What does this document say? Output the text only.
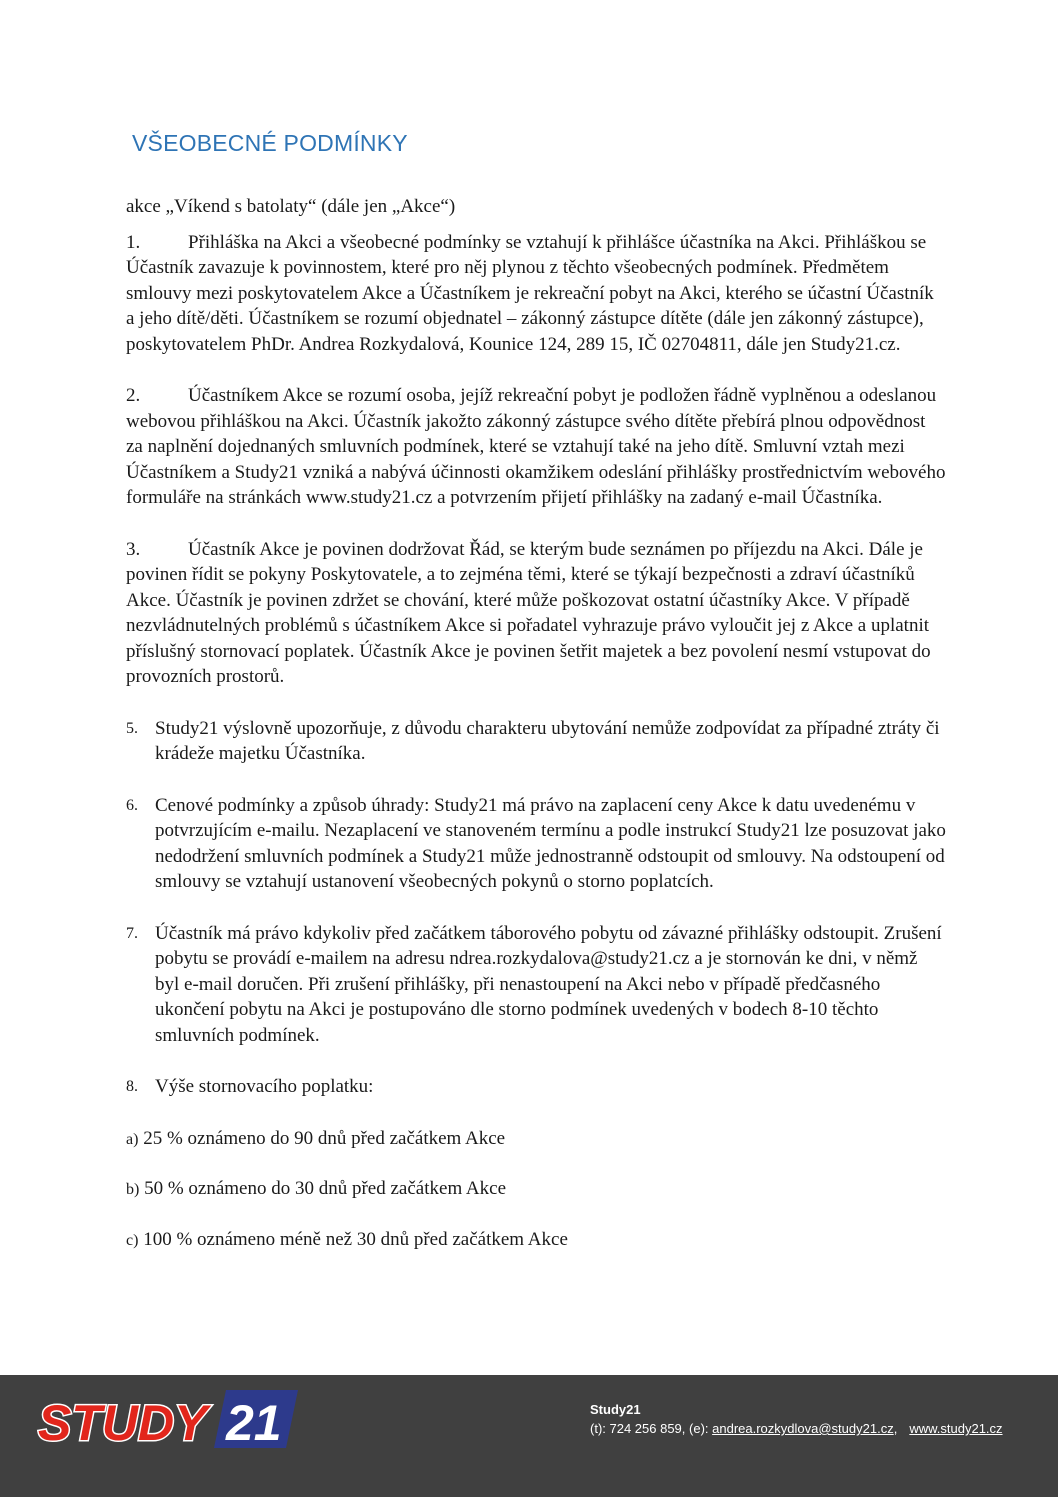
VŠEOBECNÉ PODMÍNKY

akce „Víkend s batolaty“ (dále jen „Akce“)

1.	Přihláška na Akci a všeobecné podmínky se vztahují k přihlášce účastníka na Akci. Přihláškou se Účastník zavazuje k povinnostem, které pro něj plynou z těchto všeobecných podmínek. Předmětem smlouvy mezi poskytovatelem Akce a Účastníkem je rekreační pobyt na Akci, kterého se účastní Účastník a jeho dítě/děti. Účastníkem se rozumí objednatel – zákonný zástupce dítěte (dále jen zákonný zástupce), poskytovatelem PhDr. Andrea Rozkydalová, Kounice 124, 289 15, IČ 02704811, dále jen Study21.cz.

2.	Účastníkem Akce se rozumí osoba, jejíž rekreační pobyt je podložen řádně vyplněnou a odeslanou webovou přihláškou na Akci. Účastník jakožto zákonný zástupce svého dítěte přebírá plnou odpovědnost za naplnění dojednaných smluvních podmínek, které se vztahují také na jeho dítě. Smluvní vztah mezi Účastníkem a Study21 vzniká a nabývá účinnosti okamžikem odeslání přihlášky prostřednictvím webového formuláře na stránkách www.study21.cz a potvrzením přijetí přihlášky na zadaný e-mail Účastníka.

3.	Účastník Akce je povinen dodržovat Řád, se kterým bude seznámen po příjezdu na Akci. Dále je povinen řídit se pokyny Poskytovatele, a to zejména těmi, které se týkají bezpečnosti a zdraví účastníků Akce. Účastník je povinen zdržet se chování, které může poškozovat ostatní účastníky Akce. V případě nezvládnutelných problémů s účastníkem Akce si pořadatel vyhrazuje právo vyloučit jej z Akce a uplatnit příslušný stornovací poplatek. Účastník Akce je povinen šetřit majetek a bez povolení nesmí vstupovat do provozních prostorů.

5. Study21 výslovně upozorňuje, z důvodu charakteru ubytování nemůže zodpovídat za případné ztráty či krádeže majetku Účastníka.
6. Cenové podmínky a způsob úhrady: Study21 má právo na zaplacení ceny Akce k datu uvedenému v potvrzujícím e-mailu. Nezaplacení ve stanoveném termínu a podle instrukcí Study21 lze posuzovat jako nedodržení smluvních podmínek a Study21 může jednostranně odstoupit od smlouvy. Na odstoupení od smlouvy se vztahují ustanovení všeobecných pokynů o storno poplatcích.
7. Účastník má právo kdykoliv před začátkem táborového pobytu od závazné přihlášky odstoupit. Zrušení pobytu se provádí e-mailem na adresu ndrea.rozkydalova@study21.cz a je stornován ke dni, v němž byl e-mail doručen. Při zrušení přihlášky, při nenastoupení na Akci nebo v případě předčasného ukončení pobytu na Akci je postupováno dle storno podmínek uvedených v bodech 8-10 těchto smluvních podmínek.
8. Výše stornovacího poplatku:

a) 25 % oznámeno do 90 dnů před začátkem Akce

b) 50 % oznámeno do 30 dnů před začátkem Akce

c) 100 % oznámeno méně než 30 dnů před začátkem Akce

STUDY 21	Study21
(t): 724 256 859, (e): andrea.rozkydlova@study21.cz, www.study21.cz
